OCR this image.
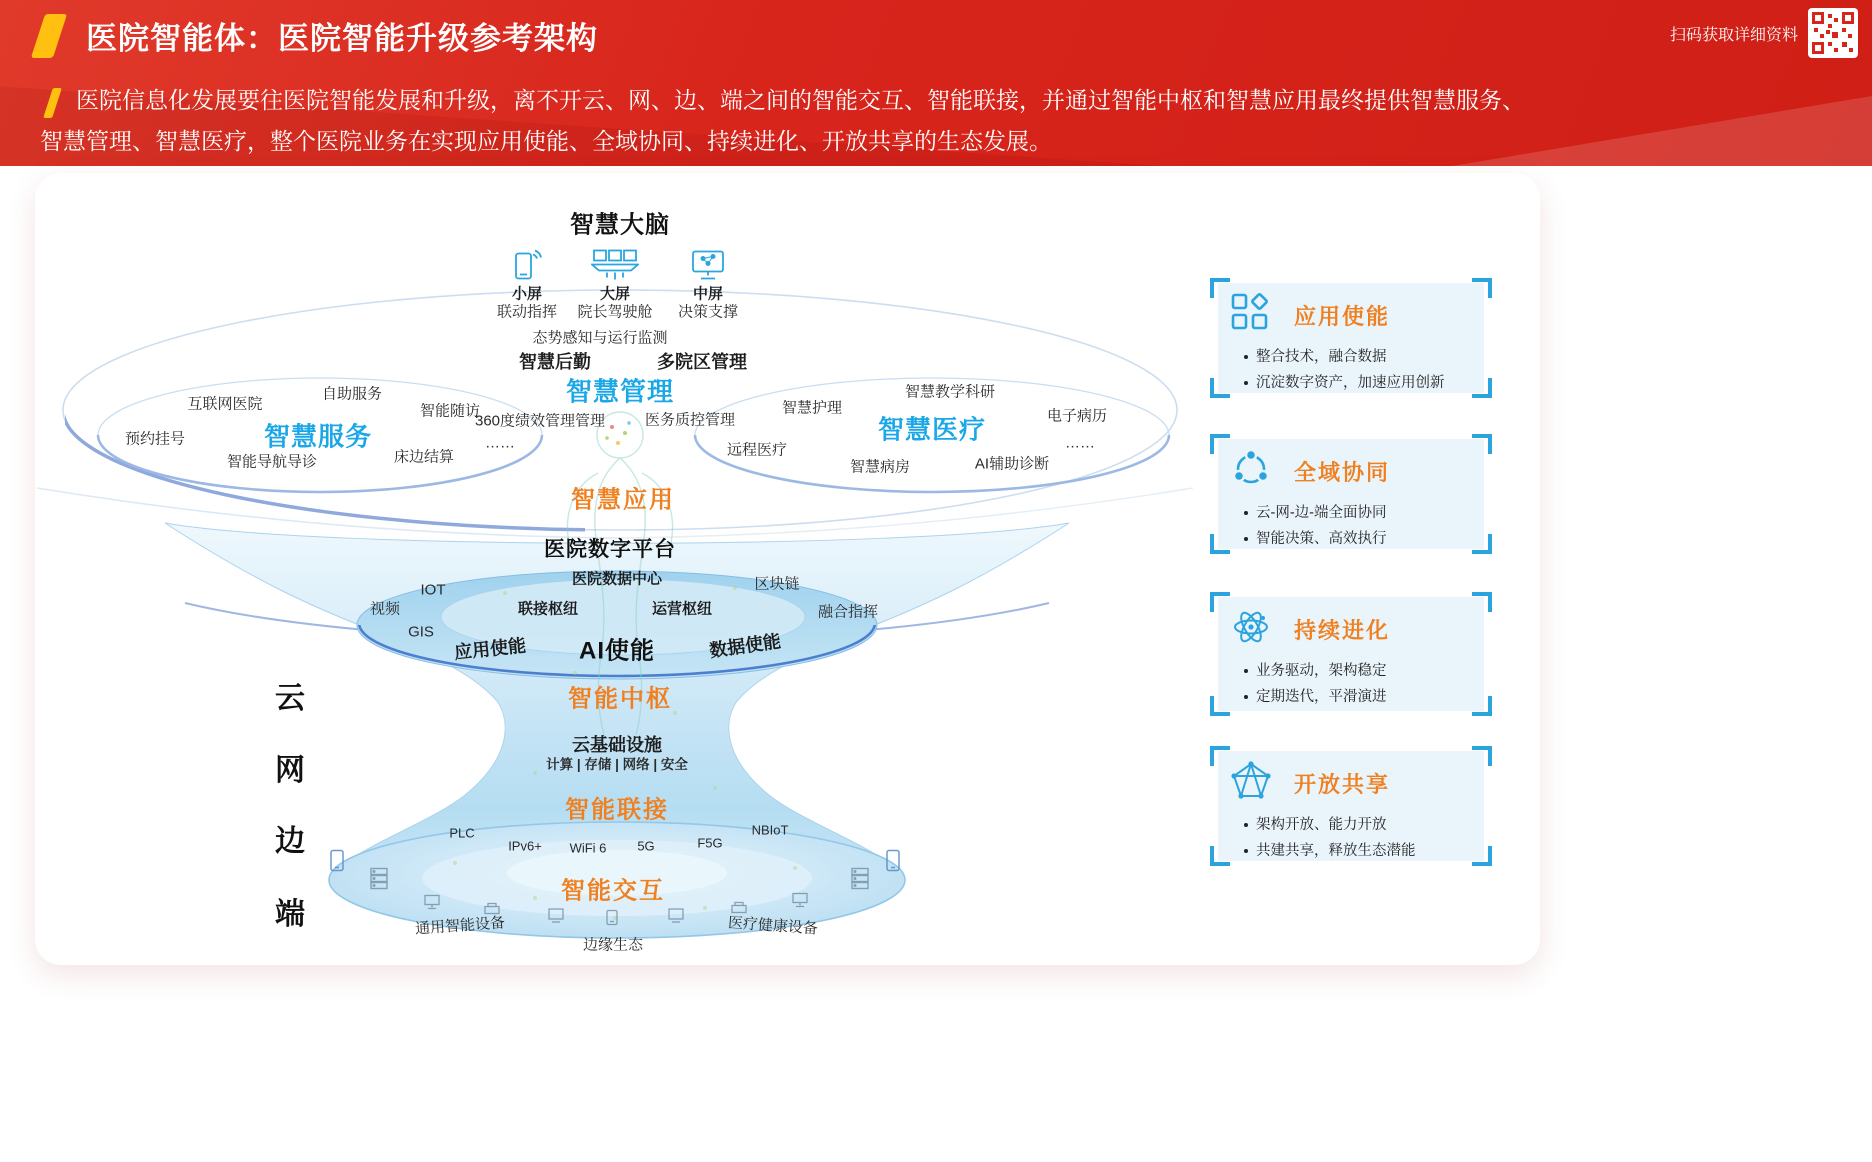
医院智能体：医院智能升级参考架构

医院信息化发展要往医院智能发展和升级，离不开云、网、边、端之间的智能交互、智能联接，并通过智能中枢和智慧应用最终提供智慧服务、智慧管理、智慧医疗，整个医院业务在实现应用使能、全域协同、持续进化、开放共享的生态发展。

扫码获取详细资料
智慧大脑
小屏
联动指挥
大屏
院长驾驶舱
中屏
决策支撑
态势感知与运行监测
智慧后勤	多院区管理
智慧管理
360度绩效管理管理	医务质控管理
互联网医院
自助服务
智能随访
预约挂号	智慧服务
智能导航导诊	床边结算
……
智慧护理
智慧教学科研
电子病历
智慧医疗	……
远程医疗
智慧病房	AI辅助诊断
智慧应用
医院数字平台
医院数据中心	区块链
IOT
视频	联接枢纽	运营枢纽	融合指挥
GIS
应用使能 AI使能	数据使能
智能中枢
云基础设施
计算 | 存储 | 网络 | 安全
智能联接
PLC
IPv6+ WiFi 6 5G	F5G
NBIoT
智能交互
通用智能设备
边缘生态
医疗健康设备
云
网
边
端
应用使能
整合技术，融合数据
沉淀数字资产，加速应用创新
全域协同
云-网-边-端全面协同
智能决策、高效执行
持续进化
业务驱动，架构稳定
定期迭代，平滑演进
开放共享
架构开放、能力开放
共建共享，释放生态潜能
